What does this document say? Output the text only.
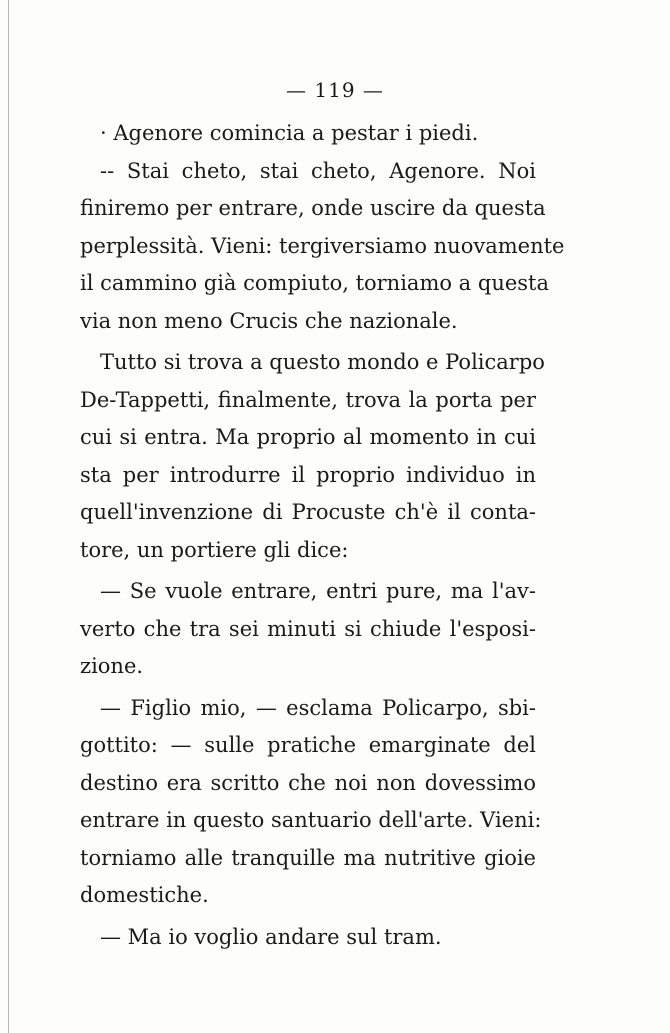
— 119 —
· Agenore comincia a pestar i piedi.
-- Stai cheto, stai cheto, Agenore. Noi
finiremo per entrare, onde uscire da questa
perplessità. Vieni: tergiversiamo nuovamente
il cammino già compiuto, torniamo a questa
via non meno Crucis che nazionale.
Tutto si trova a questo mondo e Policarpo
De-Tappetti, finalmente, trova la porta per
cui si entra. Ma proprio al momento in cui
sta per introdurre il proprio individuo in
quell'invenzione di Procuste ch'è il conta-
tore, un portiere gli dice:
— Se vuole entrare, entri pure, ma l'av-
verto che tra sei minuti si chiude l'esposi-
zione.
— Figlio mio, — esclama Policarpo, sbi-
gottito: — sulle pratiche emarginate del
destino era scritto che noi non dovessimo
entrare in questo santuario dell'arte. Vieni:
torniamo alle tranquille ma nutritive gioie
domestiche.
— Ma io voglio andare sul tram.
